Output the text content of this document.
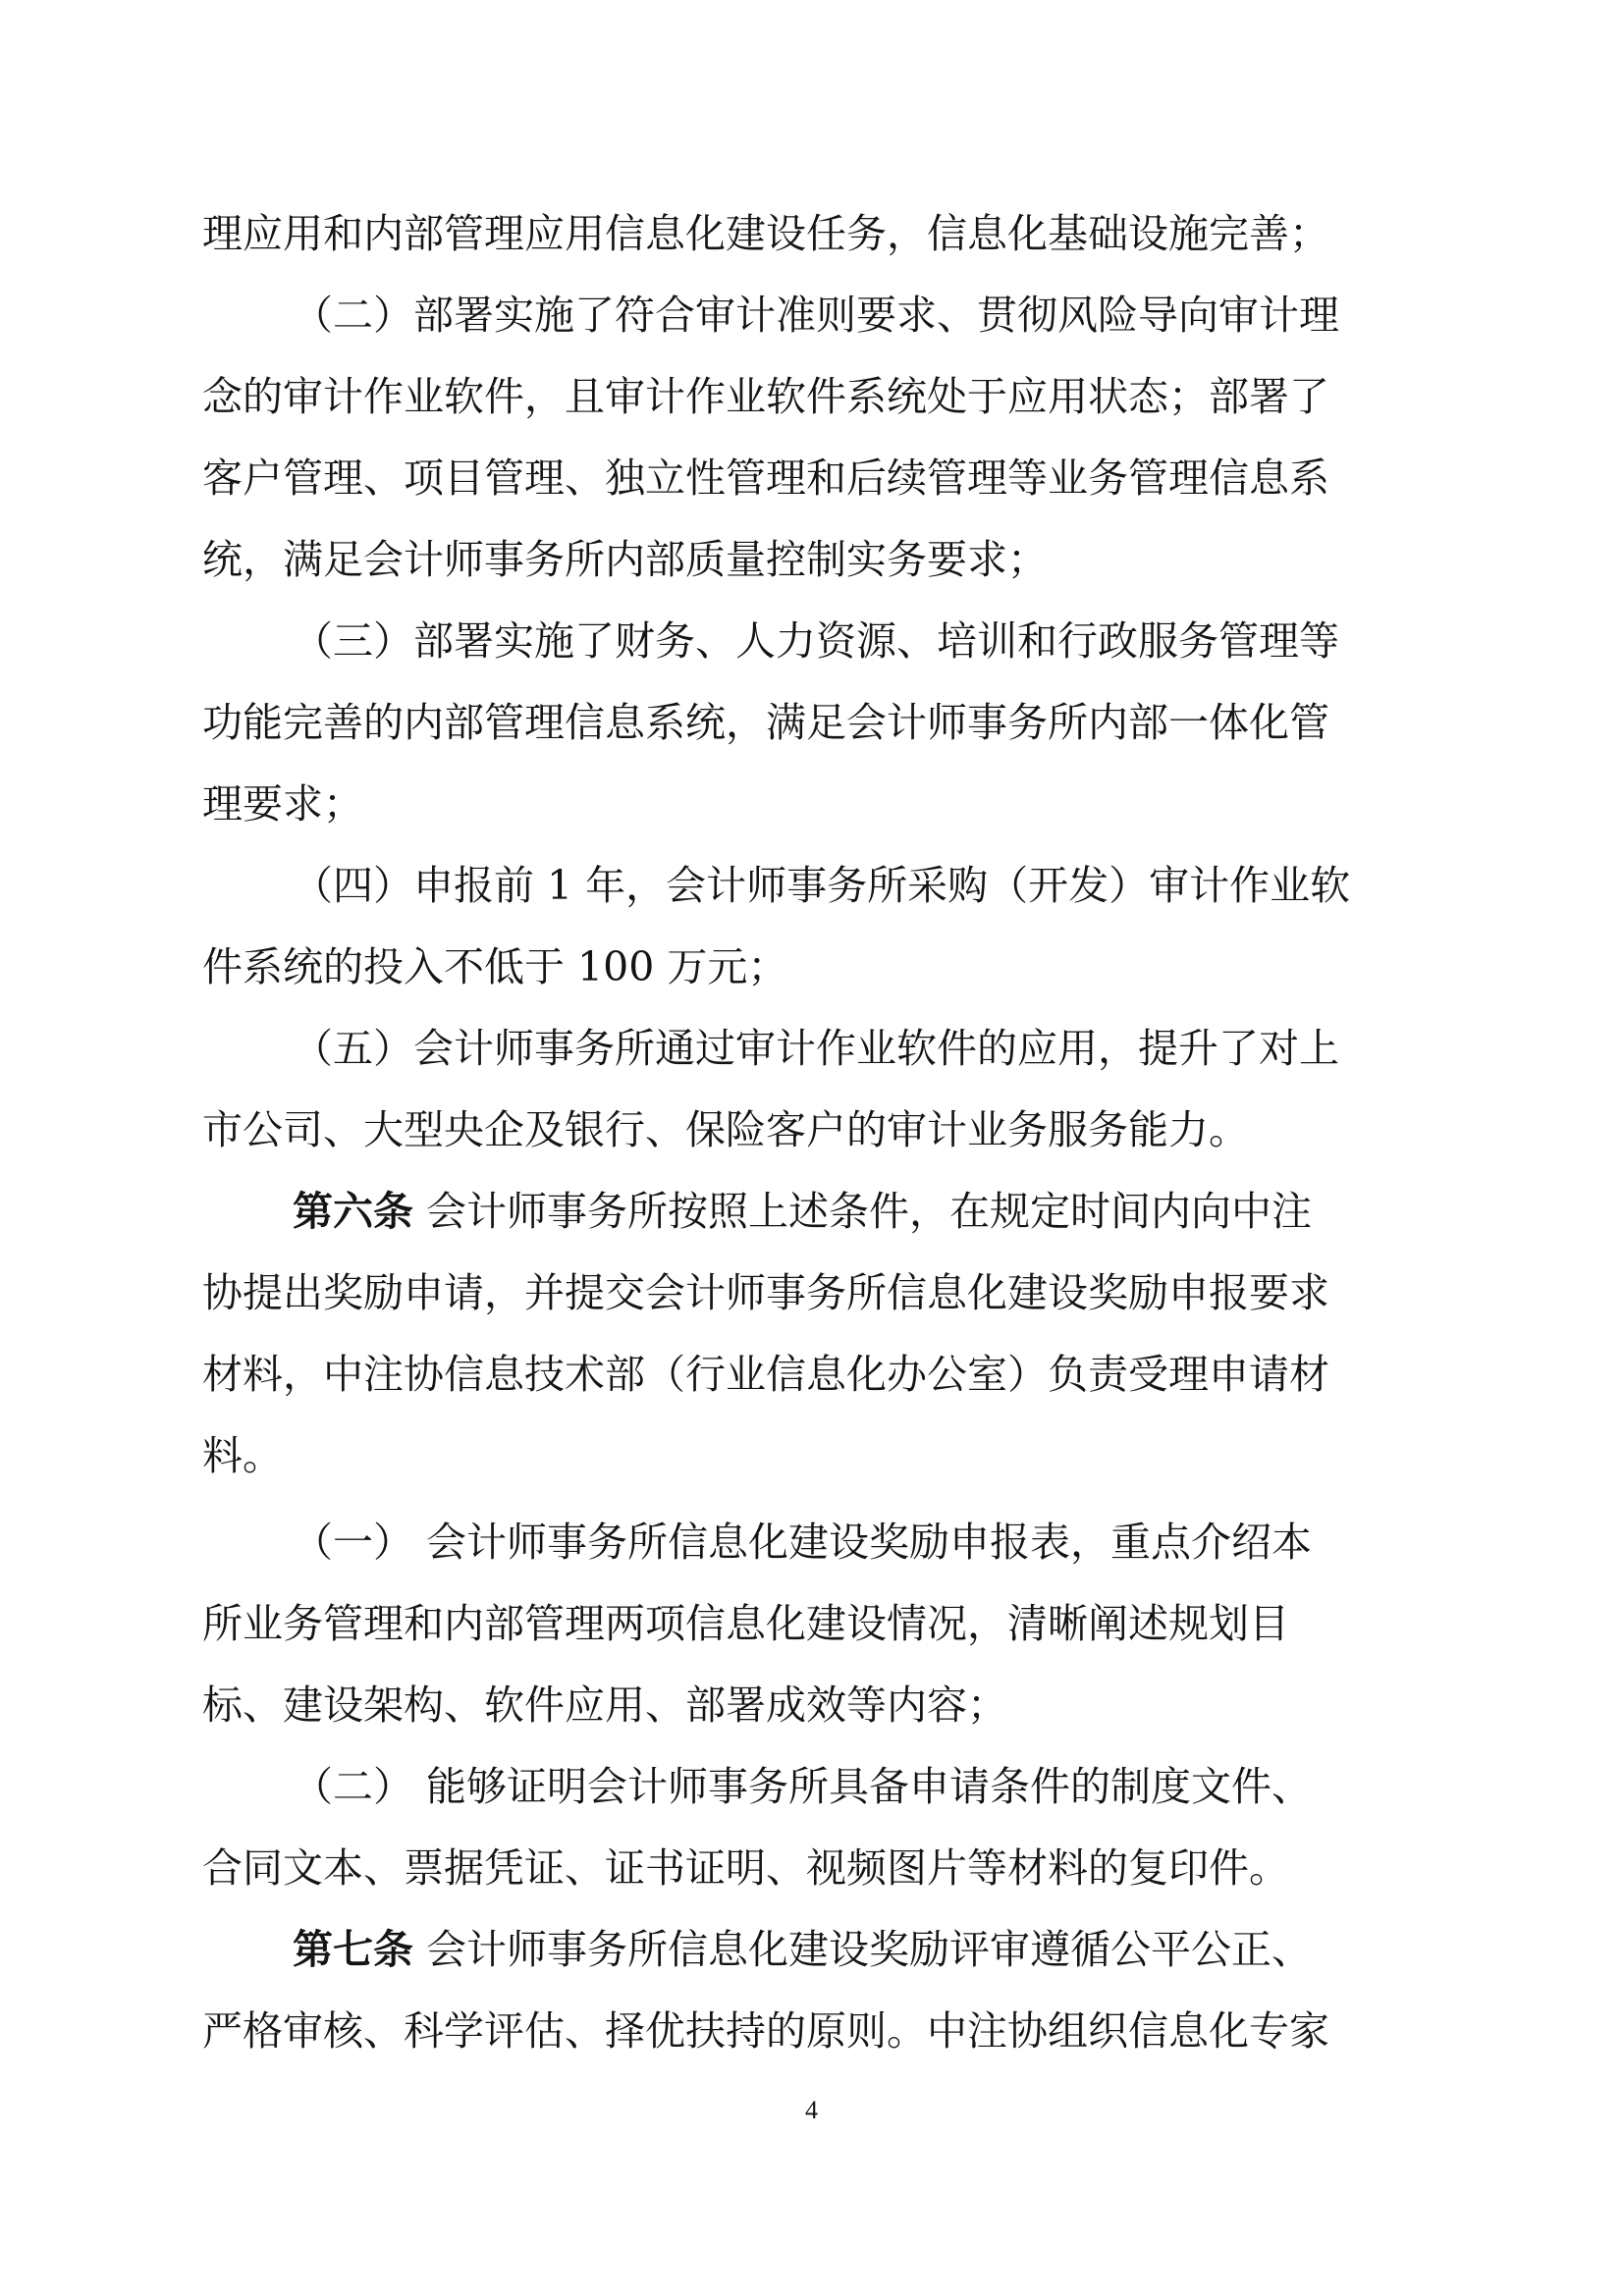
理应用和内部管理应用信息化建设任务，信息化基础设施完善；
（二）部署实施了符合审计准则要求、贯彻风险导向审计理
念的审计作业软件，且审计作业软件系统处于应用状态；部署了
客户管理、项目管理、独立性管理和后续管理等业务管理信息系
统，满足会计师事务所内部质量控制实务要求；
（三）部署实施了财务、人力资源、培训和行政服务管理等
功能完善的内部管理信息系统，满足会计师事务所内部一体化管
理要求；
（四）申报前 1 年，会计师事务所采购（开发）审计作业软
件系统的投入不低于 100 万元；
（五）会计师事务所通过审计作业软件的应用，提升了对上
市公司、大型央企及银行、保险客户的审计业务服务能力。
第六条 会计师事务所按照上述条件，在规定时间内向中注
协提出奖励申请，并提交会计师事务所信息化建设奖励申报要求
材料，中注协信息技术部（行业信息化办公室）负责受理申请材
料。
（一） 会计师事务所信息化建设奖励申报表，重点介绍本
所业务管理和内部管理两项信息化建设情况，清晰阐述规划目
标、建设架构、软件应用、部署成效等内容；
（二） 能够证明会计师事务所具备申请条件的制度文件、
合同文本、票据凭证、证书证明、视频图片等材料的复印件。
第七条 会计师事务所信息化建设奖励评审遵循公平公正、
严格审核、科学评估、择优扶持的原则。中注协组织信息化专家
4
